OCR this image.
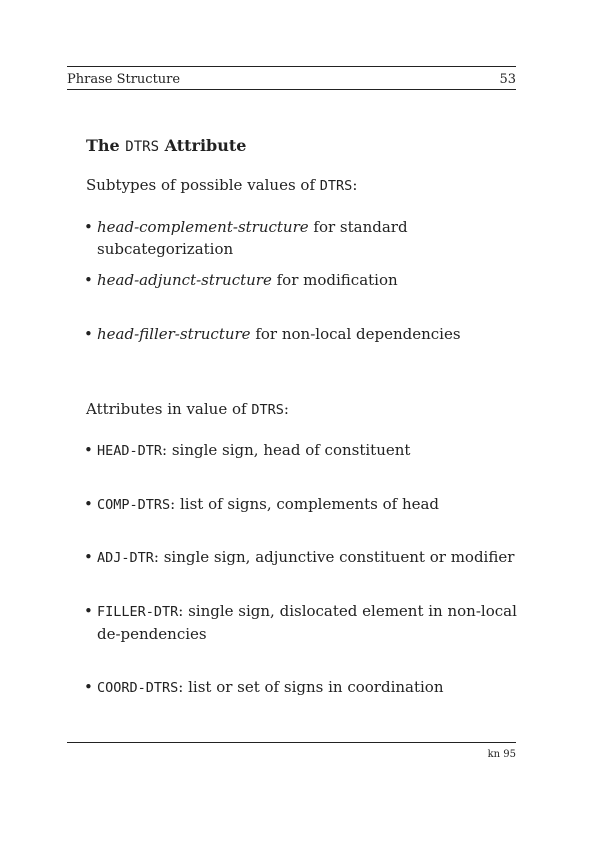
Phrase Structure	53
The DTRS Attribute
Subtypes of possible values of DTRS:
• head-complement-structure for standard subcategorization
• head-adjunct-structure for modification
• head-filler-structure for non-local dependencies
Attributes in value of DTRS:
• HEAD-DTR: single sign, head of constituent
• COMP-DTRS: list of signs, complements of head
• ADJ-DTR: single sign, adjunctive constituent or modifier
• FILLER-DTR: single sign, dislocated element in non-local de-pendencies
• COORD-DTRS: list or set of signs in coordination
kn 95
